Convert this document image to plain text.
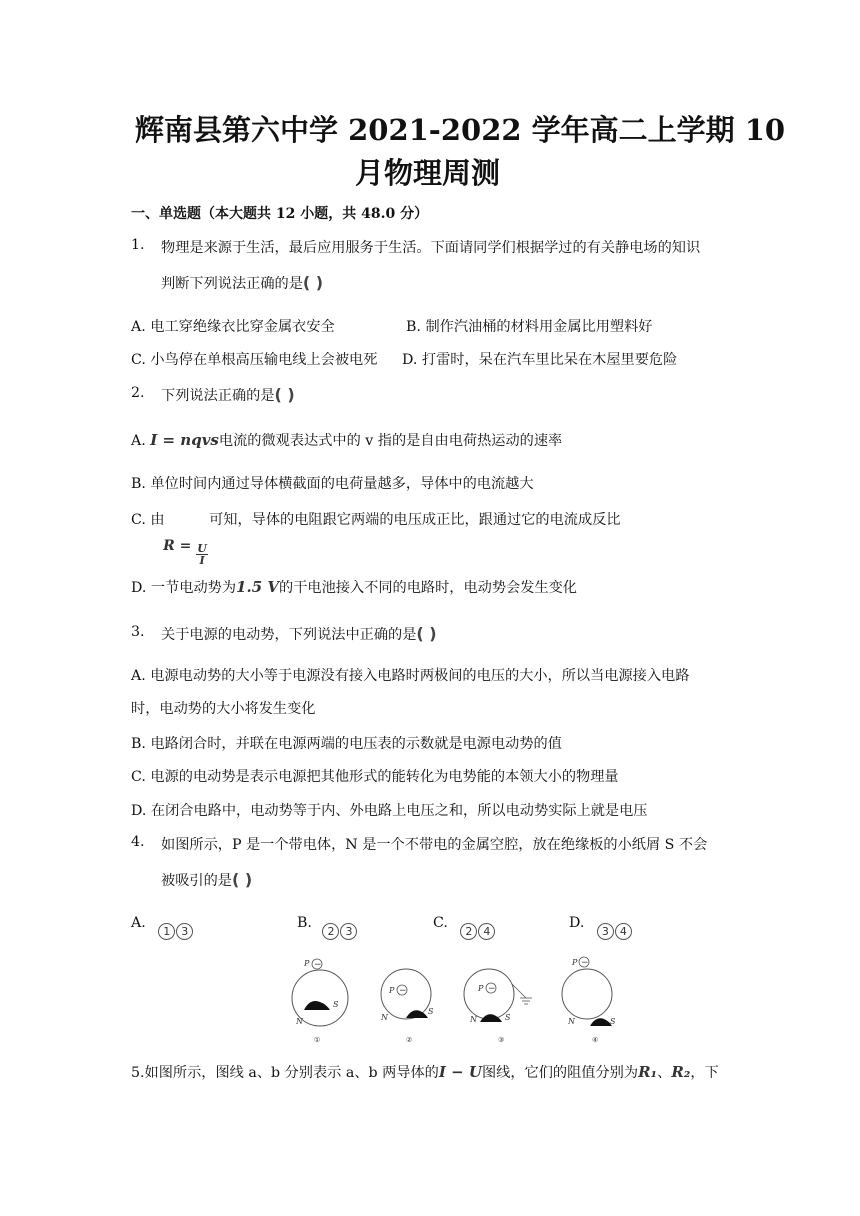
辉南县第六中学 2021-2022 学年高二上学期 10
月物理周测
一、单选题（本大题共 12 小题，共 48.0 分）
1. 物理是来源于生活，最后应用服务于生活。下面请同学们根据学过的有关静电场的知识
判断下列说法正确的是( )
A. 电工穿绝缘衣比穿金属衣安全	B. 制作汽油桶的材料用金属比用塑料好
C. 小鸟停在单根高压输电线上会被电死 D. 打雷时，呆在汽车里比呆在木屋里要危险
2. 下列说法正确的是( )
A. I = nqvs电流的微观表达式中的 v 指的是自由电荷热运动的速率
B. 单位时间内通过导体横截面的电荷量越多，导体中的电流越大
C. 由
$R = \frac{U}{I}$
可知，导体的电阻跟它两端的电压成正比，跟通过它的电流成反比
D. 一节电动势为1.5 V的干电池接入不同的电路时，电动势会发生变化
3. 关于电源的电动势，下列说法中正确的是( )
A. 电源电动势的大小等于电源没有接入电路时两极间的电压的大小，所以当电源接入电路
时，电动势的大小将发生变化
B. 电路闭合时，并联在电源两端的电压表的示数就是电源电动势的值
C. 电源的电动势是表示电源把其他形式的能转化为电势能的本领大小的物理量
D. 在闭合电路中，电动势等于内、外电路上电压之和，所以电动势实际上就是电压
4. 如图所示，P 是一个带电体，N 是一个不带电的金属空腔，放在绝缘板的小纸屑 S 不会
被吸引的是( )
A. 1 3
B. 2 3
C. 2 4
D. 3 4
−
P
S
N
①
−
P
S
N
②
−
P
S
N
③
−
P
S
N
④
5.如图所示，图线 a、b 分别表示 a、b 两导体的I − U图线，它们的阻值分别为R₁、R₂，下
